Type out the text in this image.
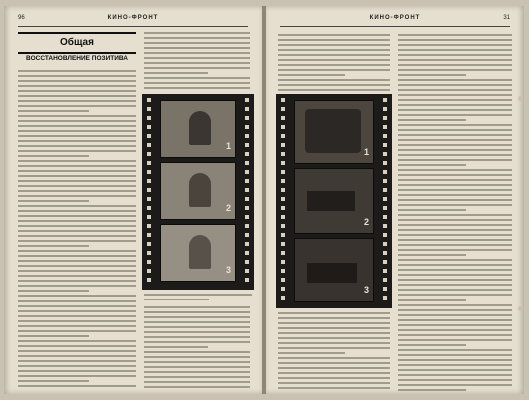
96	КИНО-ФРОНТ
Общая
ВОССТАНОВЛЕНИЕ ПОЗИТИВА
1
2
3
КИНО-ФРОНТ	31
1
2
3
